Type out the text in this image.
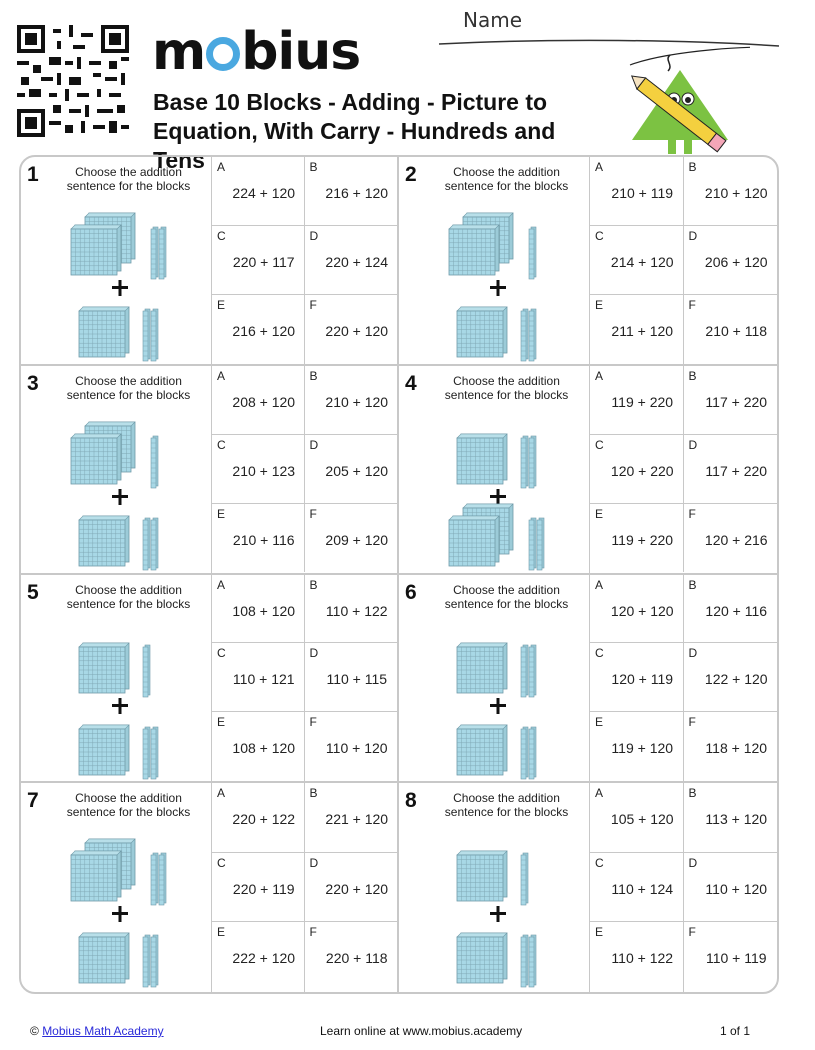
m bius
Base 10 Blocks - Adding - Picture to Equation, With Carry - Hundreds and Tens
Name
1	Choose the addition sentence for the blocks
A
224 + 120
B
216 + 120
C
220 + 117
D
220 + 124
E
216 + 120
F
220 + 120
2	Choose the addition sentence for the blocks
A
210 + 119
B
210 + 120
C
214 + 120
D
206 + 120
E
211 + 120
F
210 + 118
3	Choose the addition sentence for the blocks
A
208 + 120
B
210 + 120
C
210 + 123
D
205 + 120
E
210 + 116
F
209 + 120
4	Choose the addition sentence for the blocks
A
119 + 220
B
117 + 220
C
120 + 220
D
117 + 220
E
119 + 220
F
120 + 216
5	Choose the addition sentence for the blocks
A
108 + 120
B
110 + 122
C
110 + 121
D
110 + 115
E
108 + 120
F
110 + 120
6	Choose the addition sentence for the blocks
A
120 + 120
B
120 + 116
C
120 + 119
D
122 + 120
E
119 + 120
F
118 + 120
7	Choose the addition sentence for the blocks
A
220 + 122
B
221 + 120
C
220 + 119
D
220 + 120
E
222 + 120
F
220 + 118
8	Choose the addition sentence for the blocks
A
105 + 120
B
113 + 120
C
110 + 124
D
110 + 120
E
110 + 122
F
110 + 119
© Mobius Math Academy	Learn online at www.mobius.academy	1 of 1
